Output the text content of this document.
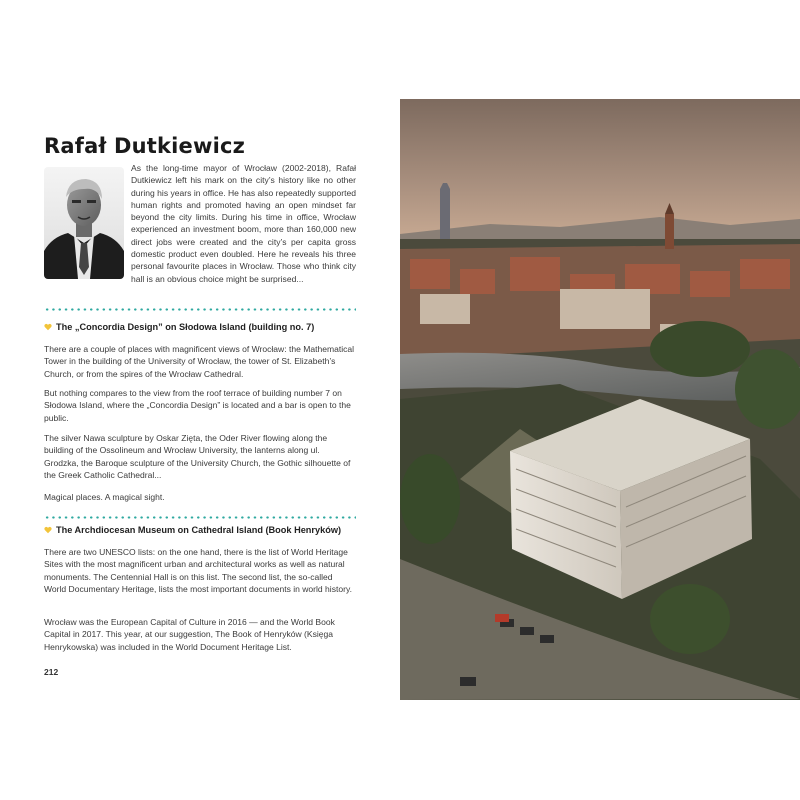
Rafał Dutkiewicz

As the long-time mayor of Wrocław (2002-2018), Rafał Dutkiewicz left his mark on the city’s history like no other during his years in office. He has also repeatedly supported human rights and promoted having an open mindset far beyond the city limits. During his time in office, Wrocław experienced an investment boom, more than 160,000 new direct jobs were created and the city’s per capita gross domestic product even doubled. Here he reveals his three personal favourite places in Wrocław. Those who think city hall is an obvious choice might be surprised...

The „Concordia Design” on Słodowa Island (building no. 7)

There are a couple of places with magnificent views of Wrocław: the Mathematical Tower in the building of the University of Wrocław, the tower of St. Elizabeth’s Church, or from the spires of the Wrocław Cathedral.

But nothing compares to the view from the roof terrace of building number 7 on Słodowa Island, where the „Concordia Design” is located and a bar is open to the public.

The silver Nawa sculpture by Oskar Zięta, the Oder River flowing along the building of the Ossolineum and Wrocław University, the lanterns along ul. Grodzka, the Baroque sculpture of the University Church, the Gothic silhouette of the Greek Catholic Cathedral...

Magical places. A magical sight.

The Archdiocesan Museum on Cathedral Island (Book Henryków)

There are two UNESCO lists: on the one hand, there is the list of World Heritage Sites with the most magnificent urban and architectural works as well as natural monuments. The Centennial Hall is on this list. The second list, the so-called World Documentary Heritage, lists the most important documents in world history.

Wrocław was the European Capital of Culture in 2016 — and the World Book Capital in 2017. This year, at our suggestion, The Book of Henryków (Księga Henrykowska) was included in the World Document Heritage List.

212
